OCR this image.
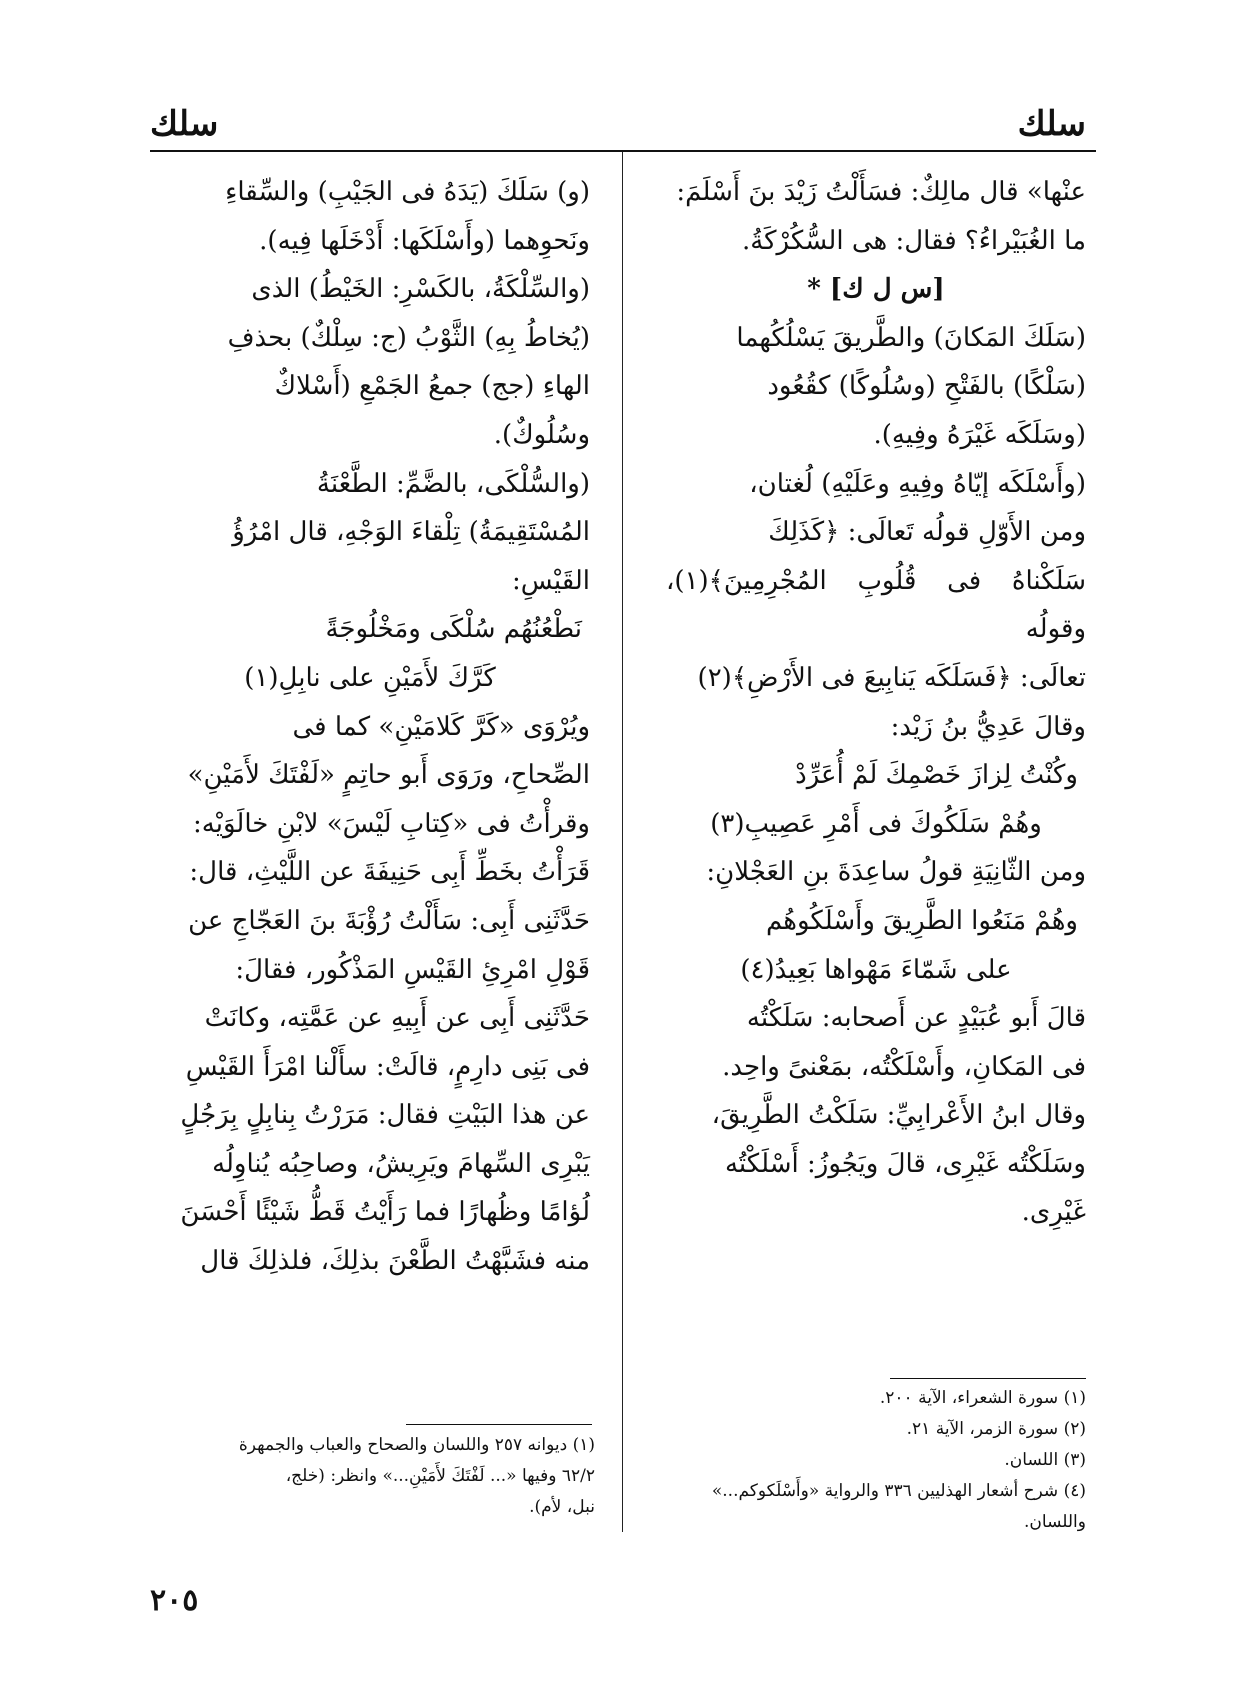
سلك
سلك

عنْها» قال مالِكٌ: فسَأَلْتُ زَيْدَ بنَ أَسْلَمَ:

ما الغُبَيْراءُ؟ فقال: هى السُّكُرْكَةُ.

[س ل ك] *

(سَلَكَ المَكانَ) والطَّريقَ يَسْلُكُهما

(سَلْكًا) بالفَتْحِ (وسُلُوكًا) كقُعُود

(وسَلَكَه غَيْرَهُ وفِيهِ).

(وأَسْلَكَه إيّاهُ وفِيهِ وعَلَيْهِ) لُغتان،

ومن الأَوّلِ قولُه تَعالَى: ﴿كَذَلِكَ

سَلَكْناهُ فى قُلُوبِ المُجْرِمِينَ﴾(١)، وقولُه

تعالَى: ﴿فَسَلَكَه يَنابِيعَ فى الأَرْضِ﴾(٢)

وقالَ عَدِيُّ بنُ زَيْد:

وكُنْتُ لِزازَ خَصْمِكَ لَمْ أُعَرِّدْ

وهُمْ سَلَكُوكَ فى أَمْرِ عَصِيبِ(٣)

ومن الثّانِيَةِ قولُ ساعِدَةَ بنِ العَجْلانِ:

وهُمْ مَنَعُوا الطَّرِيقَ وأَسْلَكُوهُم

على شَمّاءَ مَهْواها بَعِيدُ(٤)

قالَ أَبو عُبَيْدٍ عن أَصحابه: سَلَكْتُه

فى المَكانِ، وأَسْلَكْتُه، بمَعْنىً واحِد.

وقال ابنُ الأَعْرابِيِّ: سَلَكْتُ الطَّرِيقَ،

وسَلَكْتُه غَيْرِى، قالَ ويَجُوزُ: أَسْلَكْتُه

غَيْرِى.

(و) سَلَكَ (يَدَهُ فى الجَيْبِ) والسِّقاءِ

ونَحوِهما (وأَسْلَكَها: أَدْخَلَها فِيه).

(والسِّلْكَةُ، بالكَسْرِ: الخَيْطُ) الذى

(يُخاطُ بِهِ) الثَّوْبُ (ج: سِلْكٌ) بحذفِ

الهاءِ (جج) جمعُ الجَمْعِ (أَسْلاكٌ

وسُلُوكٌ).

(والسُّلْكَى، بالضَّمِّ: الطَّعْنَةُ

المُسْتَقِيمَةُ) تِلْقاءَ الوَجْهِ، قال امْرُؤُ

القَيْسِ:

نَطْعُنُهُم سُلْكَى ومَخْلُوجَةً

كَرَّكَ لأَمَيْنِ على نابِلِ(١)

ويُرْوَى «كَرَّ كَلامَيْنِ» كما فى

الصِّحاحِ، ورَوَى أَبو حاتِمٍ «لَفْتَكَ لأَمَيْنِ»

وقرأْتُ فى «كِتابِ لَيْسَ» لابْنِ خالَوَيْه:

قَرَأْتُ بخَطِّ أَبِى حَنِيفَةَ عن اللَّيْثِ، قال:

حَدَّثَنِى أَبِى: سَأَلْتُ رُؤْبَةَ بنَ العَجّاجِ عن

قَوْلِ امْرِئِ القَيْسِ المَذْكُور، فقالَ:

حَدَّثَنِى أَبِى عن أَبِيهِ عن عَمَّتِه، وكانَتْ

فى بَنِى دارِمٍ، قالَتْ: سأَلْنا امْرَأَ القَيْسِ

عن هذا البَيْتِ فقال: مَرَرْتُ بِنابِلٍ بِرَجُلٍ

يَبْرِى السِّهامَ ويَرِيشُ، وصاحِبُه يُناوِلُه

لُؤامًا وظُهارًا فما رَأَيْتُ قَطُّ شَيْئًا أَحْسَنَ

منه فشَبَّهْتُ الطَّعْنَ بذلِكَ، فلذلِكَ قال

(١) سورة الشعراء، الآية ٢٠٠.

(٢) سورة الزمر، الآية ٢١.

(٣) اللسان.

(٤) شرح أشعار الهذليين ٣٣٦ والرواية «وأَسْلَكوكم...»

واللسان.

(١) ديوانه ٢٥٧ واللسان والصحاح والعباب والجمهرة

٦٢/٢ وفيها «... لَفْتَكَ لأَمَيْنِ...» وانظر: (خلج،

نبل، لأم).

٢٠٥
